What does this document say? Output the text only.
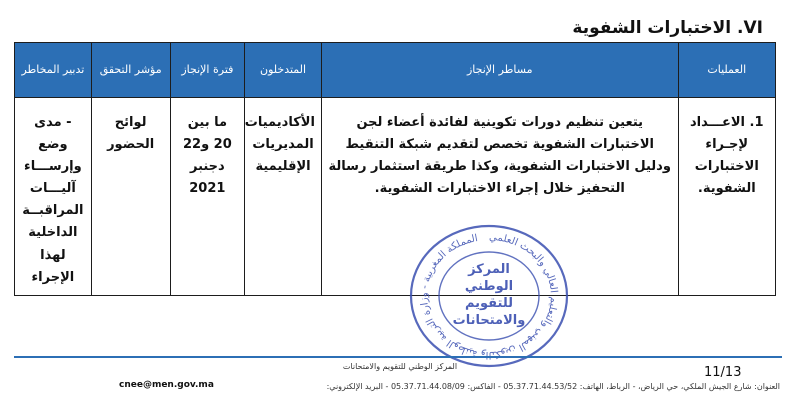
VI. الاختبارات الشفوية
العمليات	مساطر الإنجاز	المتدخلون	فترة الإنجاز	مؤشر التحقق	تدبير المخاطر
1. الاعـــداد لإجـراء الاختبارات الشفوية.	يتعين تنظيم دورات تكوينية لفائدة أعضاء لجن الاختبارات الشفوية تخصص لتقديم شبكة التنقيط ودليل الاختبارات الشفوية، وكذا طريقة استثمار رسالة التحفيز خلال إجراء الاختبارات الشفوية.	الأكاديميات المديريات الإقليمية	ما بين 20 و22 دجنبر 2021	لوائح الحضور	- مدى وضع وإرســـاء آليـــات المراقبــة الداخلية لهذا الإجراء
المملكة المغربية - وزارة التربية الوطنية والتكوين المهني والتعليم العالي والبحث العلمي
المركز الوطني للتقويم والامتحانات
11/13
المركز الوطني للتقويم والامتحانات
العنوان: شارع الجيش الملكي، حي الرياض، - الرباط، الهاتف: 05.37.71.44.53/52 - الفاكس: 05.37.71.44.08/09 - البريد الإلكتروني:
cnee@men.gov.ma
